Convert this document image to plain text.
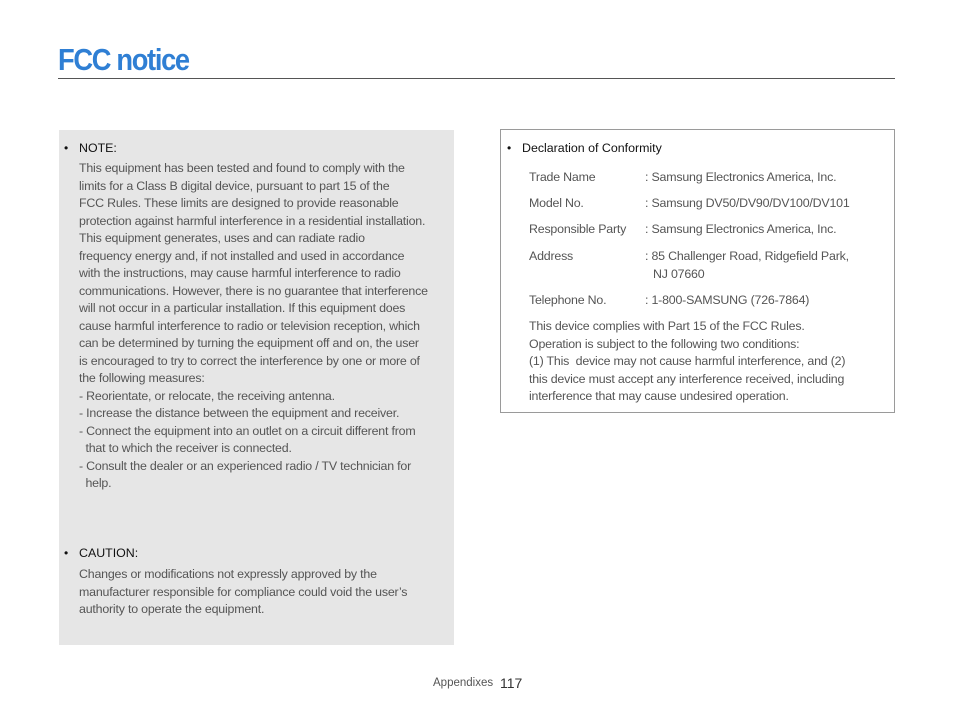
FCC notice
• NOTE:
This equipment has been tested and found to comply with the
limits for a Class B digital device, pursuant to part 15 of the
FCC Rules. These limits are designed to provide reasonable
protection against harmful interference in a residential installation.
This equipment generates, uses and can radiate radio
frequency energy and, if not installed and used in accordance
with the instructions, may cause harmful interference to radio
communications. However, there is no guarantee that interference
will not occur in a particular installation. If this equipment does
cause harmful interference to radio or television reception, which
can be determined by turning the equipment off and on, the user
is encouraged to try to correct the interference by one or more of
the following measures:
- Reorientate, or relocate, the receiving antenna.
- Increase the distance between the equipment and receiver.
- Connect the equipment into an outlet on a circuit different from
that to which the receiver is connected.
- Consult the dealer or an experienced radio / TV technician for
help.
• CAUTION:
Changes or modifications not expressly approved by the
manufacturer responsible for compliance could void the user’s
authority to operate the equipment.
• Declaration of Conformity
Trade Name	: Samsung Electronics America, Inc.
Model No.	: Samsung DV50/DV90/DV100/DV101
Responsible Party : Samsung Electronics America, Inc.
Address	: 85 Challenger Road, Ridgefield Park,
NJ 07660
Telephone No.	: 1-800-SAMSUNG (726-7864)
This device complies with Part 15 of the FCC Rules.
Operation is subject to the following two conditions:
(1) This  device may not cause harmful interference, and (2)
this device must accept any interference received, including
interference that may cause undesired operation.
Appendixes 117
